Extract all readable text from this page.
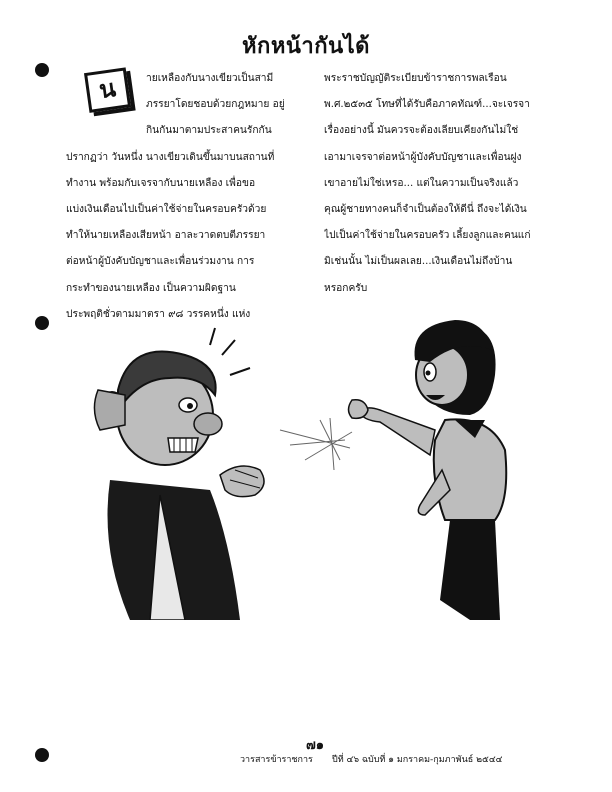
หักหน้ากันได้
น	ายเหลืองกับนางเขียวเป็นสามี
ภรรยาโดยชอบด้วยกฎหมาย อยู่
กินกันมาตามประสาคนรักกัน
ปรากฏว่า วันหนึ่ง นางเขียวเดินขึ้นมาบนสถานที่
ทำงาน พร้อมกับเจรจากับนายเหลือง เพื่อขอ
แบ่งเงินเดือนไปเป็นค่าใช้จ่ายในครอบครัวด้วย
ทำให้นายเหลืองเสียหน้า อาละวาดตบตีภรรยา
ต่อหน้าผู้บังคับบัญชาและเพื่อนร่วมงาน การ
กระทำของนายเหลือง เป็นความผิดฐาน
ประพฤติชั่วตามมาตรา ๙๘ วรรคหนึ่ง แห่ง
พระราชบัญญัติระเบียบข้าราชการพลเรือน
พ.ศ.๒๕๓๕ โทษที่ได้รับคือภาคทัณฑ์...จะเจรจา
เรื่องอย่างนี้ มันควรจะต้องเลียบเคียงกันไม่ใช่
เอามาเจรจาต่อหน้าผู้บังคับบัญชาและเพื่อนฝูง
เขาอายไม่ใช่เหรอ... แต่ในความเป็นจริงแล้ว
คุณผู้ชายทางคนก็จำเป็นต้องให้ดีนี่ ถึงจะได้เงิน
ไปเป็นค่าใช้จ่ายในครอบครัว เลี้ยงลูกและคนแก่
มิเช่นนั้น ไม่เป็นผลเลย...เงินเดือนไม่ถึงบ้าน
หรอกครับ
๗๑
วารสารข้าราชการ ปีที่ ๔๖ ฉบับที่ ๑ มกราคม-กุมภาพันธ์ ๒๕๔๔
